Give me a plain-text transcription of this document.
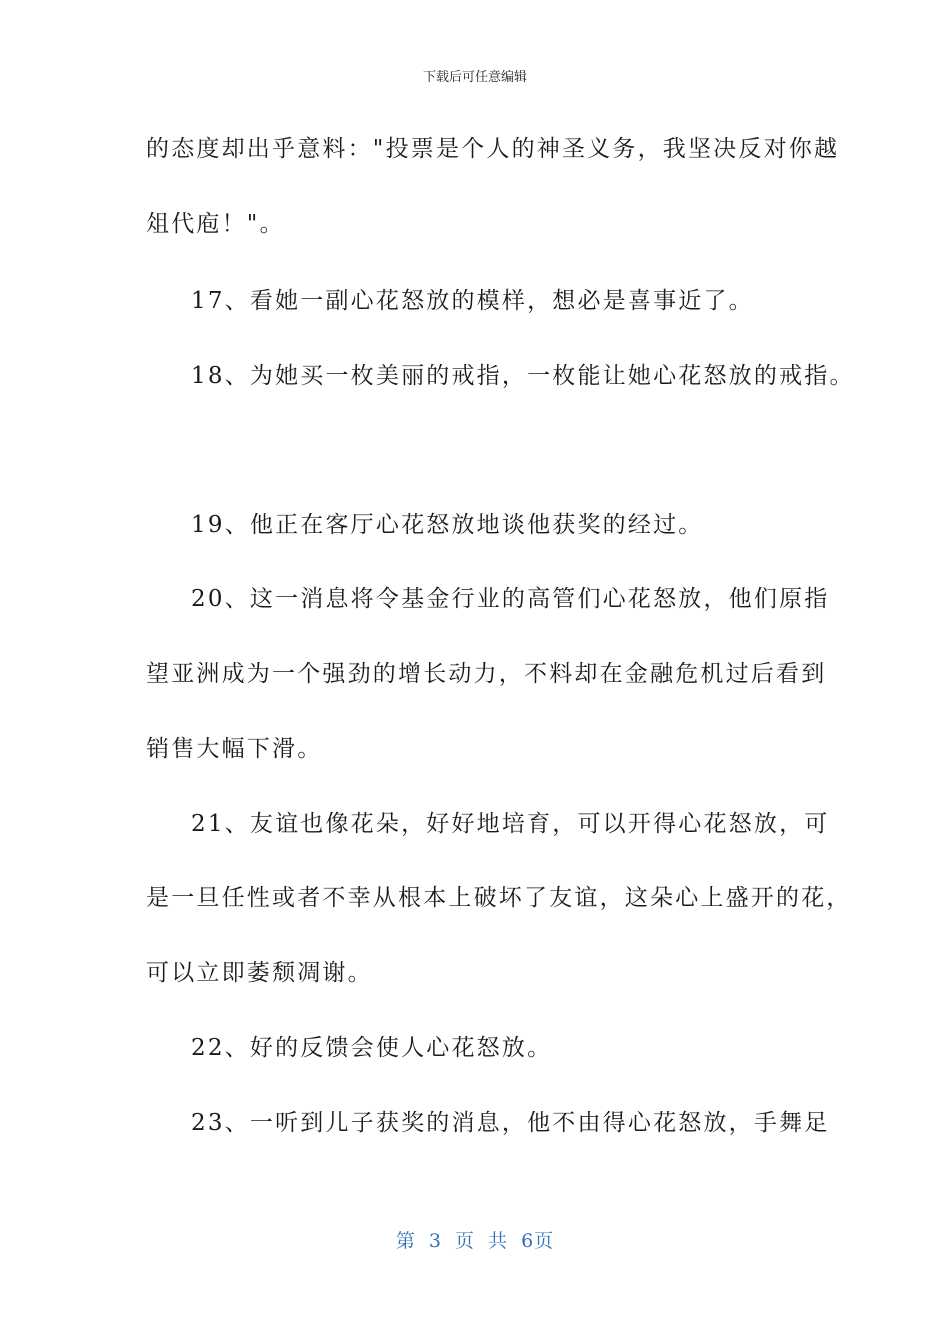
下载后可任意编辑
的态度却出乎意料："投票是个人的神圣义务，我坚决反对你越
俎代庖！"。
17、看她一副心花怒放的模样，想必是喜事近了。
18、为她买一枚美丽的戒指，一枚能让她心花怒放的戒指。
19、他正在客厅心花怒放地谈他获奖的经过。
20、这一消息将令基金行业的高管们心花怒放，他们原指
望亚洲成为一个强劲的增长动力，不料却在金融危机过后看到
销售大幅下滑。
21、友谊也像花朵，好好地培育，可以开得心花怒放，可
是一旦任性或者不幸从根本上破坏了友谊，这朵心上盛开的花，
可以立即萎颓凋谢。
22、好的反馈会使人心花怒放。
23、一听到儿子获奖的消息，他不由得心花怒放，手舞足
第 3 页 共 6页
